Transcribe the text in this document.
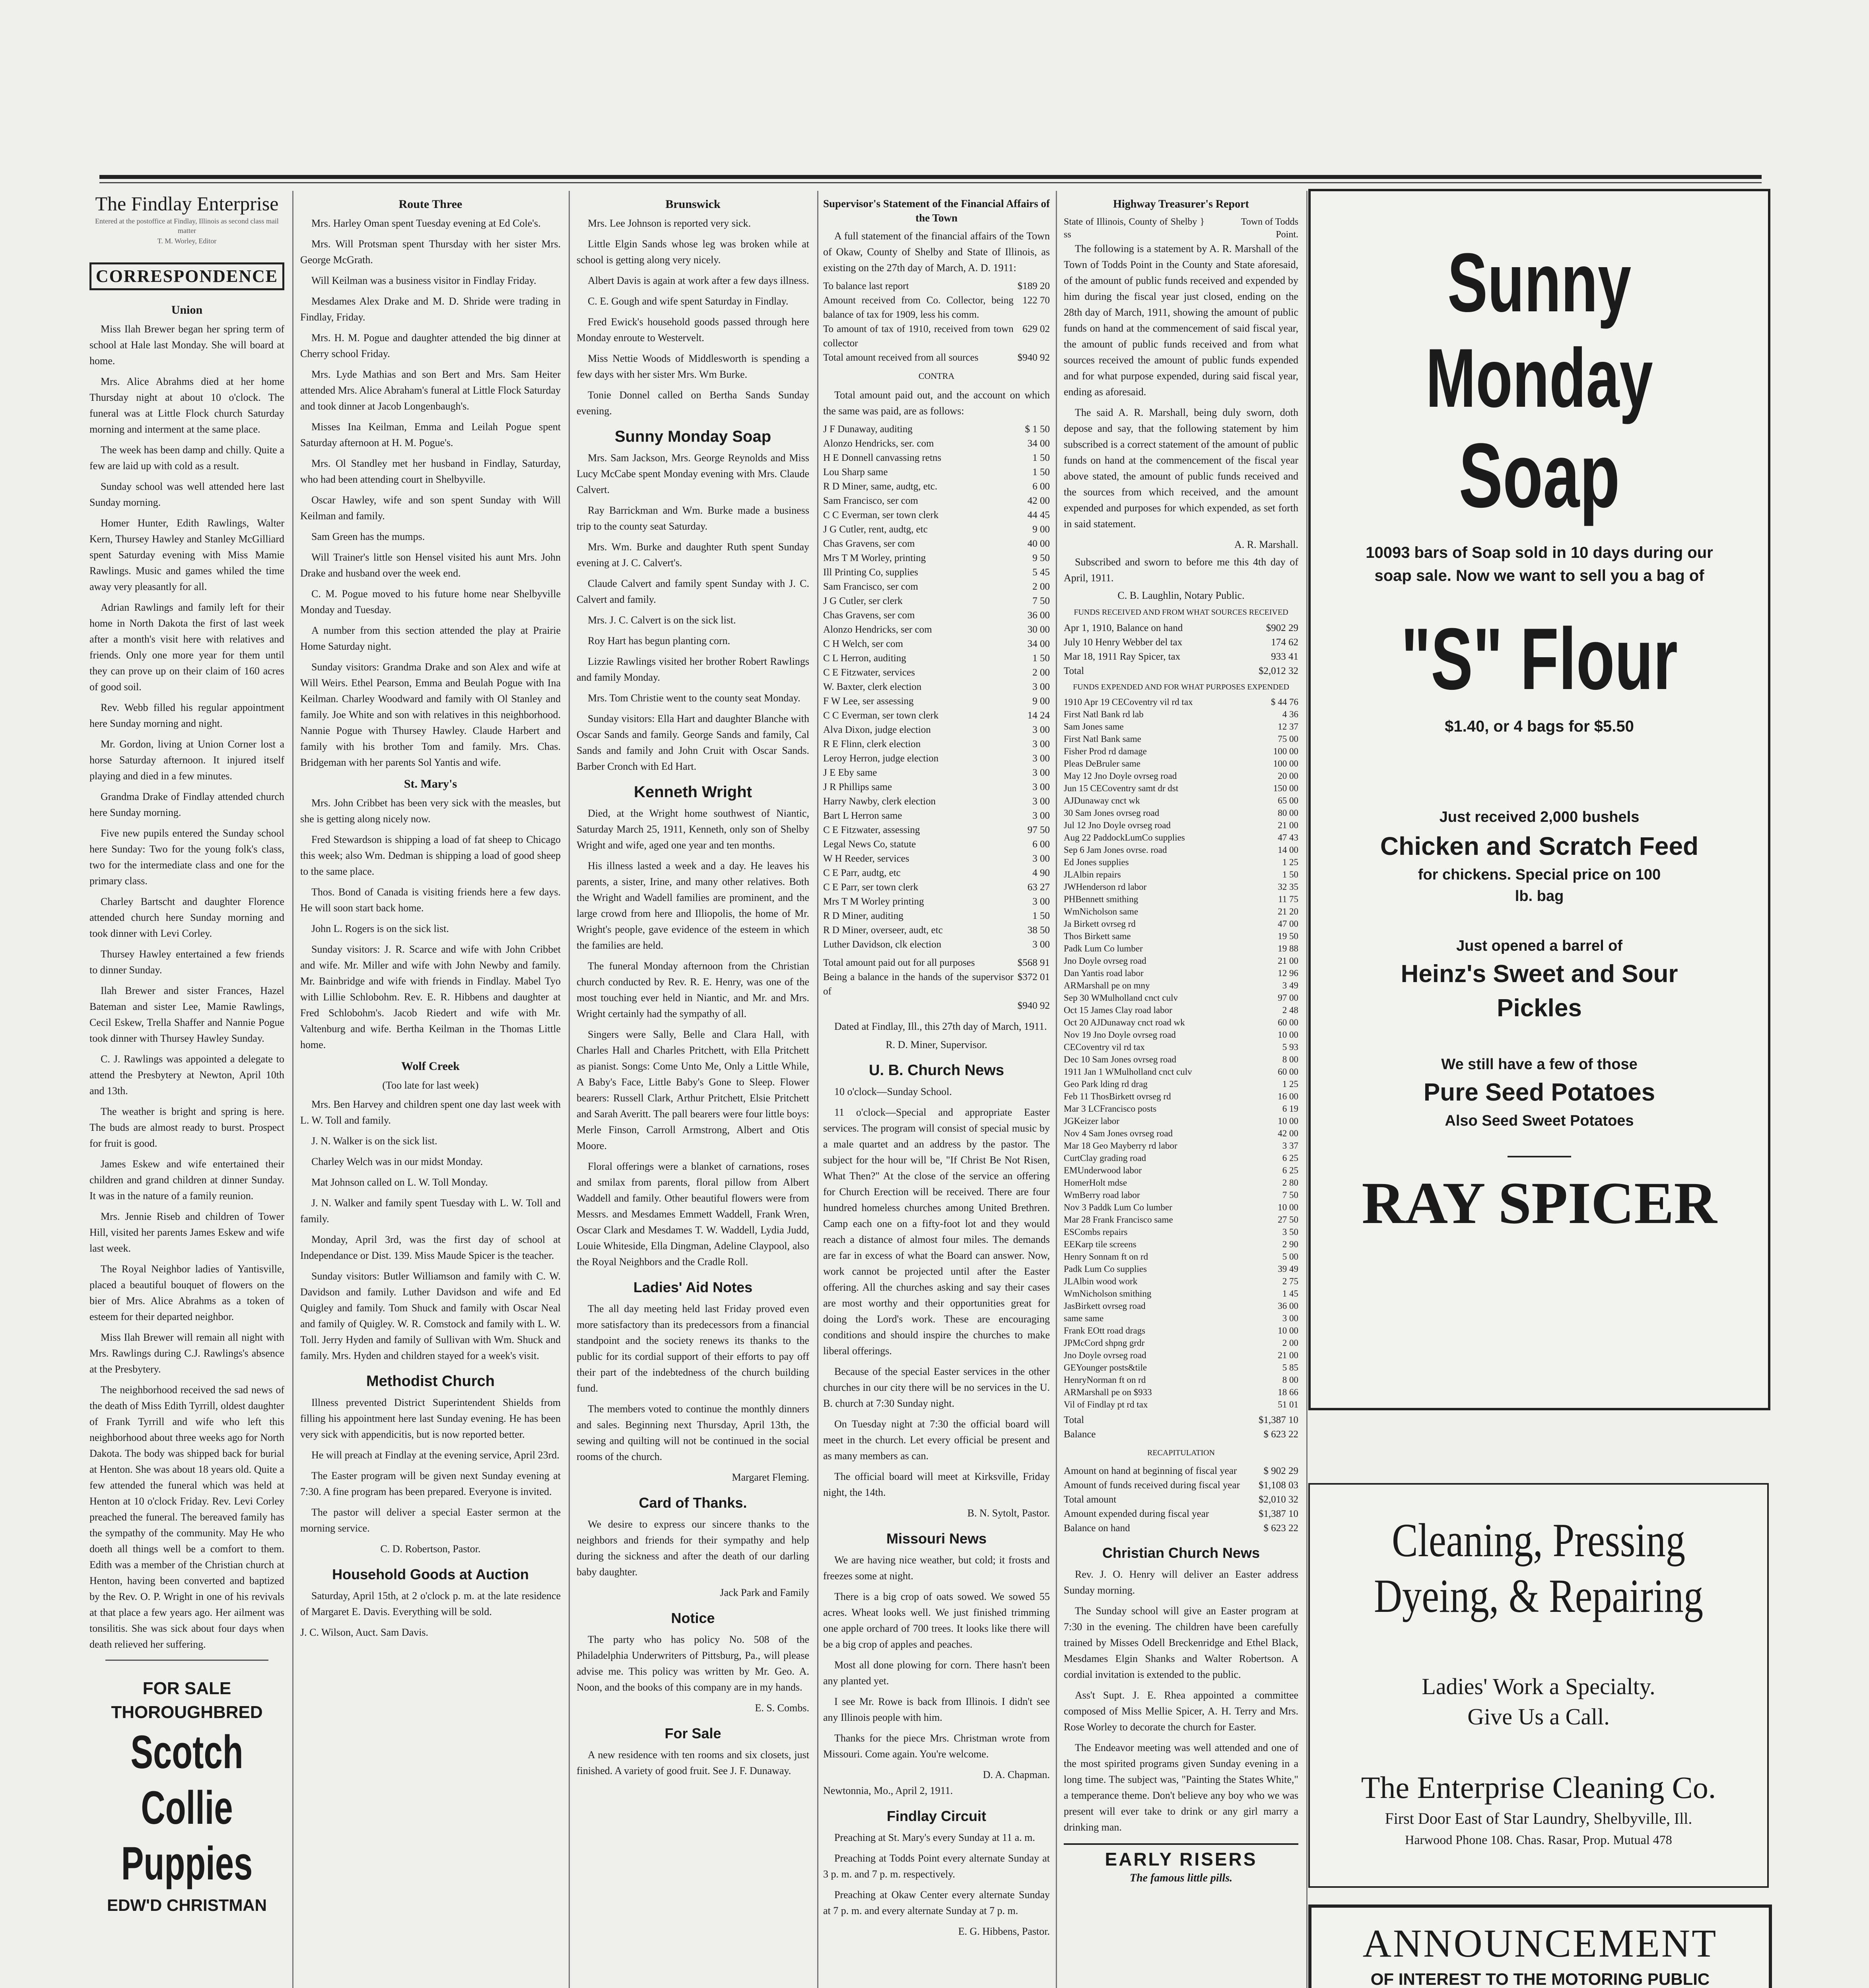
The Findlay Enterprise
Entered at the postoffice at Findlay, Illinois as second class mail matter
T. M. Worley, Editor
CORRESPONDENCE
Union

Miss Ilah Brewer began her spring term of school at Hale last Monday. She will board at home.

Mrs. Alice Abrahms died at her home Thursday night at about 10 o'clock. The funeral was at Little Flock church Saturday morning and interment at the same place.

The week has been damp and chilly. Quite a few are laid up with cold as a result.

Sunday school was well attended here last Sunday morning.

Homer Hunter, Edith Rawlings, Walter Kern, Thursey Hawley and Stanley McGilliard spent Saturday evening with Miss Mamie Rawlings. Music and games whiled the time away very pleasantly for all.

Adrian Rawlings and family left for their home in North Dakota the first of last week after a month's visit here with relatives and friends. Only one more year for them until they can prove up on their claim of 160 acres of good soil.

Rev. Webb filled his regular appointment here Sunday morning and night.

Mr. Gordon, living at Union Corner lost a horse Saturday afternoon. It injured itself playing and died in a few minutes.

Grandma Drake of Findlay attended church here Sunday morning.

Five new pupils entered the Sunday school here Sunday: Two for the young folk's class, two for the intermediate class and one for the primary class.

Charley Bartscht and daughter Florence attended church here Sunday morning and took dinner with Levi Corley.

Thursey Hawley entertained a few friends to dinner Sunday.

Ilah Brewer and sister Frances, Hazel Bateman and sister Lee, Mamie Rawlings, Cecil Eskew, Trella Shaffer and Nannie Pogue took dinner with Thursey Hawley Sunday.

C. J. Rawlings was appointed a delegate to attend the Presbytery at Newton, April 10th and 13th.

The weather is bright and spring is here. The buds are almost ready to burst. Prospect for fruit is good.

James Eskew and wife entertained their children and grand children at dinner Sunday. It was in the nature of a family reunion.

Mrs. Jennie Riseb and children of Tower Hill, visited her parents James Eskew and wife last week.

The Royal Neighbor ladies of Yantisville, placed a beautiful bouquet of flowers on the bier of Mrs. Alice Abrahms as a token of esteem for their departed neighbor.

Miss Ilah Brewer will remain all night with Mrs. Rawlings during C.J. Rawlings's absence at the Presbytery.

The neighborhood received the sad news of the death of Miss Edith Tyrrill, oldest daughter of Frank Tyrrill and wife who left this neighborhood about three weeks ago for North Dakota. The body was shipped back for burial at Henton. She was about 18 years old. Quite a few attended the funeral which was held at Henton at 10 o'clock Friday. Rev. Levi Corley preached the funeral. The bereaved family has the sympathy of the community. May He who doeth all things well be a comfort to them. Edith was a member of the Christian church at Henton, having been converted and baptized by the Rev. O. P. Wright in one of his revivals at that place a few years ago. Her ailment was tonsilitis. She was sick about four days when death relieved her suffering.

FOR SALE
THOROUGHBRED
Scotch Collie
Puppies
EDW'D CHRISTMAN
Route Three

Mrs. Harley Oman spent Tuesday evening at Ed Cole's.

Mrs. Will Protsman spent Thursday with her sister Mrs. George McGrath.

Will Keilman was a business visitor in Findlay Friday.

Mesdames Alex Drake and M. D. Shride were trading in Findlay, Friday.

Mrs. H. M. Pogue and daughter attended the big dinner at Cherry school Friday.

Mrs. Lyde Mathias and son Bert and Mrs. Sam Heiter attended Mrs. Alice Abraham's funeral at Little Flock Saturday and took dinner at Jacob Longenbaugh's.

Misses Ina Keilman, Emma and Leilah Pogue spent Saturday afternoon at H. M. Pogue's.

Mrs. Ol Standley met her husband in Findlay, Saturday, who had been attending court in Shelbyville.

Oscar Hawley, wife and son spent Sunday with Will Keilman and family.

Sam Green has the mumps.

Will Trainer's little son Hensel visited his aunt Mrs. John Drake and husband over the week end.

C. M. Pogue moved to his future home near Shelbyville Monday and Tuesday.

A number from this section attended the play at Prairie Home Saturday night.

Sunday visitors: Grandma Drake and son Alex and wife at Will Weirs. Ethel Pearson, Emma and Beulah Pogue with Ina Keilman. Charley Woodward and family with Ol Stanley and family. Joe White and son with relatives in this neighborhood. Nannie Pogue with Thursey Hawley. Claude Harbert and family with his brother Tom and family. Mrs. Chas. Bridgeman with her parents Sol Yantis and wife.

St. Mary's

Mrs. John Cribbet has been very sick with the measles, but she is getting along nicely now.

Fred Stewardson is shipping a load of fat sheep to Chicago this week; also Wm. Dedman is shipping a load of good sheep to the same place.

Thos. Bond of Canada is visiting friends here a few days. He will soon start back home.

John L. Rogers is on the sick list.

Sunday visitors: J. R. Scarce and wife with John Cribbet and wife. Mr. Miller and wife with John Newby and family. Mr. Bainbridge and wife with friends in Findlay. Mabel Tyo with Lillie Schlobohm. Rev. E. R. Hibbens and daughter at Fred Schlobohm's. Jacob Riedert and wife with Mr. Valtenburg and wife. Bertha Keilman in the Thomas Little home.

Wolf Creek
(Too late for last week)

Mrs. Ben Harvey and children spent one day last week with L. W. Toll and family.

J. N. Walker is on the sick list.

Charley Welch was in our midst Monday.

Mat Johnson called on L. W. Toll Monday.

J. N. Walker and family spent Tuesday with L. W. Toll and family.

Monday, April 3rd, was the first day of school at Independance or Dist. 139. Miss Maude Spicer is the teacher.

Sunday visitors: Butler Williamson and family with C. W. Davidson and family. Luther Davidson and wife and Ed Quigley and family. Tom Shuck and family with Oscar Neal and family of Quigley. W. R. Comstock and family with L. W. Toll. Jerry Hyden and family of Sullivan with Wm. Shuck and family. Mrs. Hyden and children stayed for a week's visit.

Methodist Church

Illness prevented District Superintendent Shields from filling his appointment here last Sunday evening. He has been very sick with appendicitis, but is now reported better.

He will preach at Findlay at the evening service, April 23rd.

The Easter program will be given next Sunday evening at 7:30. A fine program has been prepared. Everyone is invited.

The pastor will deliver a special Easter sermon at the morning service.

C. D. Robertson, Pastor.
Household Goods at Auction

Saturday, April 15th, at 2 o'clock p. m. at the late residence of Margaret E. Davis. Everything will be sold.

J. C. Wilson, Auct. Sam Davis.
Brunswick

Mrs. Lee Johnson is reported very sick.

Little Elgin Sands whose leg was broken while at school is getting along very nicely.

Albert Davis is again at work after a few days illness.

C. E. Gough and wife spent Saturday in Findlay.

Fred Ewick's household goods passed through here Monday enroute to Westervelt.

Miss Nettie Woods of Middlesworth is spending a few days with her sister Mrs. Wm Burke.

Tonie Donnel called on Bertha Sands Sunday evening.

Sunny Monday Soap

Mrs. Sam Jackson, Mrs. George Reynolds and Miss Lucy McCabe spent Monday evening with Mrs. Claude Calvert.

Ray Barrickman and Wm. Burke made a business trip to the county seat Saturday.

Mrs. Wm. Burke and daughter Ruth spent Sunday evening at J. C. Calvert's.

Claude Calvert and family spent Sunday with J. C. Calvert and family.

Mrs. J. C. Calvert is on the sick list.

Roy Hart has begun planting corn.

Lizzie Rawlings visited her brother Robert Rawlings and family Monday.

Mrs. Tom Christie went to the county seat Monday.

Sunday visitors: Ella Hart and daughter Blanche with Oscar Sands and family. George Sands and family, Cal Sands and family and John Cruit with Oscar Sands. Barber Cronch with Ed Hart.

Kenneth Wright

Died, at the Wright home southwest of Niantic, Saturday March 25, 1911, Kenneth, only son of Shelby Wright and wife, aged one year and ten months.

His illness lasted a week and a day. He leaves his parents, a sister, Irine, and many other relatives. Both the Wright and Wadell families are prominent, and the large crowd from here and Illiopolis, the home of Mr. Wright's people, gave evidence of the esteem in which the families are held.

The funeral Monday afternoon from the Christian church conducted by Rev. R. E. Henry, was one of the most touching ever held in Niantic, and Mr. and Mrs. Wright certainly had the sympathy of all.

Singers were Sally, Belle and Clara Hall, with Charles Hall and Charles Pritchett, with Ella Pritchett as pianist. Songs: Come Unto Me, Only a Little While, A Baby's Face, Little Baby's Gone to Sleep. Flower bearers: Russell Clark, Arthur Pritchett, Elsie Pritchett and Sarah Averitt. The pall bearers were four little boys: Merle Finson, Carroll Armstrong, Albert and Otis Moore.

Floral offerings were a blanket of carnations, roses and smilax from parents, floral pillow from Albert Waddell and family. Other beautiful flowers were from Messrs. and Mesdames Emmett Waddell, Frank Wren, Oscar Clark and Mesdames T. W. Waddell, Lydia Judd, Louie Whiteside, Ella Dingman, Adeline Claypool, also the Royal Neighbors and the Cradle Roll.

Ladies' Aid Notes

The all day meeting held last Friday proved even more satisfactory than its predecessors from a financial standpoint and the society renews its thanks to the public for its cordial support of their efforts to pay off their part of the indebtedness of the church building fund.

The members voted to continue the monthly dinners and sales. Beginning next Thursday, April 13th, the sewing and quilting will not be continued in the social rooms of the church.

Margaret Fleming.
Card of Thanks.

We desire to express our sincere thanks to the neighbors and friends for their sympathy and help during the sickness and after the death of our darling baby daughter.

Jack Park and Family
Notice

The party who has policy No. 508 of the Philadelphia Underwriters of Pittsburg, Pa., will please advise me. This policy was written by Mr. Geo. A. Noon, and the books of this company are in my hands.

E. S. Combs.
For Sale

A new residence with ten rooms and six closets, just finished. A variety of good fruit. See J. F. Dunaway.

Supervisor's Statement of the Financial Affairs of the Town

A full statement of the financial affairs of the Town of Okaw, County of Shelby and State of Illinois, as existing on the 27th day of March, A. D. 1911:

To balance last report	$189 20
Amount received from Co. Collector, being balance of tax for 1909, less his comm.	122 70
To amount of tax of 1910, received from town collector	629 02
Total amount received from all sources	$940 92
CONTRA

Total amount paid out, and the account on which the same was paid, are as follows:

J F Dunaway, auditing	$ 1 50
Alonzo Hendricks, ser. com	34 00
H E Donnell canvassing retns	1 50
Lou Sharp same	1 50
R D Miner, same, audtg, etc.	6 00
Sam Francisco, ser com	42 00
C C Everman, ser town clerk	44 45
J G Cutler, rent, audtg, etc	9 00
Chas Gravens, ser com	40 00
Mrs T M Worley, printing	9 50
Ill Printing Co, supplies	5 45
Sam Francisco, ser com	2 00
J G Cutler, ser clerk	7 50
Chas Gravens, ser com	36 00
Alonzo Hendricks, ser com	30 00
C H Welch, ser com	34 00
C L Herron, auditing	1 50
C E Fitzwater, services	2 00
W. Baxter, clerk election	3 00
F W Lee, ser assessing	9 00
C C Everman, ser town clerk	14 24
Alva Dixon, judge election	3 00
R E Flinn, clerk election	3 00
Leroy Herron, judge election	3 00
J E Eby same	3 00
J R Phillips same	3 00
Harry Nawby, clerk election	3 00
Bart L Herron same	3 00
C E Fitzwater, assessing	97 50
Legal News Co, statute	6 00
W H Reeder, services	3 00
C E Parr, audtg, etc	4 90
C E Parr, ser town clerk	63 27
Mrs T M Worley printing	3 00
R D Miner, auditing	1 50
R D Miner, overseer, audt, etc	38 50
Luther Davidson, clk election	3 00
Total amount paid out for all purposes	$568 91
Being a balance in the hands of the supervisor of	$372 01
	$940 92

Dated at Findlay, Ill., this 27th day of March, 1911.

R. D. Miner, Supervisor.
U. B. Church News

10 o'clock—Sunday School.

11 o'clock—Special and appropriate Easter services. The program will consist of special music by a male quartet and an address by the pastor. The subject for the hour will be, "If Christ Be Not Risen, What Then?" At the close of the service an offering for Church Erection will be received. There are four hundred homeless churches among United Brethren. Camp each one on a fifty-foot lot and they would reach a distance of almost four miles. The demands are far in excess of what the Board can answer. Now, work cannot be projected until after the Easter offering. All the churches asking and say their cases are most worthy and their opportunities great for doing the Lord's work. These are encouraging conditions and should inspire the churches to make liberal offerings.

Because of the special Easter services in the other churches in our city there will be no services in the U. B. church at 7:30 Sunday night.

On Tuesday night at 7:30 the official board will meet in the church. Let every official be present and as many members as can.

The official board will meet at Kirksville, Friday night, the 14th.

B. N. Sytolt, Pastor.
Missouri News

We are having nice weather, but cold; it frosts and freezes some at night.

There is a big crop of oats sowed. We sowed 55 acres. Wheat looks well. We just finished trimming one apple orchard of 700 trees. It looks like there will be a big crop of apples and peaches.

Most all done plowing for corn. There hasn't been any planted yet.

I see Mr. Rowe is back from Illinois. I didn't see any Illinois people with him.

Thanks for the piece Mrs. Christman wrote from Missouri. Come again. You're welcome.

D. A. Chapman.
Newtonnia, Mo., April 2, 1911.
Findlay Circuit

Preaching at St. Mary's every Sunday at 11 a. m.

Preaching at Todds Point every alternate Sunday at 3 p. m. and 7 p. m. respectively.

Preaching at Okaw Center every alternate Sunday at 7 p. m. and every alternate Sunday at 7 p. m.

E. G. Hibbens, Pastor.
Highway Treasurer's Report
State of Illinois, County of Shelby } ss
Town of Todds Point.

The following is a statement by A. R. Marshall of the Town of Todds Point in the County and State aforesaid, of the amount of public funds received and expended by him during the fiscal year just closed, ending on the 28th day of March, 1911, showing the amount of public funds on hand at the commencement of said fiscal year, the amount of public funds received and from what sources received the amount of public funds expended and for what purpose expended, during said fiscal year, ending as aforesaid.

The said A. R. Marshall, being duly sworn, doth depose and say, that the following statement by him subscribed is a correct statement of the amount of public funds on hand at the commencement of the fiscal year above stated, the amount of public funds received and the sources from which received, and the amount expended and purposes for which expended, as set forth in said statement.

A. R. Marshall.

Subscribed and sworn to before me this 4th day of April, 1911.

C. B. Laughlin, Notary Public.
FUNDS RECEIVED AND FROM WHAT SOURCES RECEIVED
Apr 1, 1910, Balance on hand	$902 29
July 10 Henry Webber del tax	174 62
Mar 18, 1911 Ray Spicer, tax	933 41
Total	$2,012 32
FUNDS EXPENDED AND FOR WHAT PURPOSES EXPENDED
1910 Apr 19 CECoventry vil rd tax	$ 44 76
First Natl Bank rd lab	4 36
Sam Jones same	12 37
First Natl Bank same	75 00
Fisher Prod rd damage	100 00
Pleas DeBruler same	100 00
May 12 Jno Doyle ovrseg road	20 00
Jun 15 CECoventry samt dr dst	150 00
AJDunaway cnct wk	65 00
30 Sam Jones ovrseg road	80 00
Jul 12 Jno Doyle ovrseg road	21 00
Aug 22 PaddockLumCo supplies	47 43
Sep 6 Jam Jones ovrse. road	14 00
Ed Jones supplies	1 25
JLAlbin repairs	1 50
JWHenderson rd labor	32 35
PHBennett smithing	11 75
WmNicholson same	21 20
Ja Birkett ovrseg rd	47 00
Thos Birkett same	19 50
Padk Lum Co lumber	19 88
Jno Doyle ovrseg road	21 00
Dan Yantis road labor	12 96
ARMarshall pe on mny	3 49
Sep 30 WMulholland cnct culv	97 00
Oct 15 James Clay road labor	2 48
Oct 20 AJDunaway cnct road wk	60 00
Nov 19 Jno Doyle ovrseg road	10 00
CECoventry vil rd tax	5 93
Dec 10 Sam Jones ovrseg road	8 00
1911 Jan 1 WMulholland cnct culv	60 00
Geo Park lding rd drag	1 25
Feb 11 ThosBirkett ovrseg rd	16 00
Mar 3 LCFrancisco posts	6 19
JGKeizer labor	10 00
Nov 4 Sam Jones ovrseg road	42 00
Mar 18 Geo Mayberry rd labor	3 37
CurtClay grading road	6 25
EMUnderwood labor	6 25
HomerHolt mdse	2 80
WmBerry road labor	7 50
Nov 3 Paddk Lum Co lumber	10 00
Mar 28 Frank Francisco same	27 50
ESCombs repairs	3 50
EEKarp tile screens	2 90
Henry Sonnam ft on rd	5 00
Padk Lum Co supplies	39 49
JLAlbin wood work	2 75
WmNicholson smithing	1 45
JasBirkett ovrseg road	36 00
same same	3 00
Frank EOtt road drags	10 00
JPMcCord shpng grdr	2 00
Jno Doyle ovrseg road	21 00
GEYounger posts&tile	5 85
HenryNorman ft on rd	8 00
ARMarshall pe on $933	18 66
Vil of Findlay pt rd tax	51 01
Total	$1,387 10
Balance	$ 623 22
RECAPITULATION
Amount on hand at beginning of fiscal year	$ 902 29
Amount of funds received during fiscal year	$1,108 03
Total amount	$2,010 32
Amount expended during fiscal year	$1,387 10
Balance on hand	$ 623 22
Christian Church News

Rev. J. O. Henry will deliver an Easter address Sunday morning.

The Sunday school will give an Easter program at 7:30 in the evening. The children have been carefully trained by Misses Odell Breckenridge and Ethel Black, Mesdames Elgin Shanks and Walter Robertson. A cordial invitation is extended to the public.

Ass't Supt. J. E. Rhea appointed a committee composed of Miss Mellie Spicer, A. H. Terry and Mrs. Rose Worley to decorate the church for Easter.

The Endeavor meeting was well attended and one of the most spirited programs given Sunday evening in a long time. The subject was, "Painting the States White," a temperance theme. Don't believe any boy who we was present will ever take to drink or any girl marry a drinking man.

EARLY RISERS
The famous little pills.
Sunny Monday
Soap
10093 bars of Soap sold in 10 days during our soap sale. Now we want to sell you a bag of
"S" Flour
$1.40, or 4 bags for $5.50
Just received 2,000 bushels
Chicken and Scratch Feed
for chickens. Special price on 100 lb. bag
Just opened a barrel of
Heinz's Sweet and Sour Pickles
We still have a few of those
Pure Seed Potatoes
Also Seed Sweet Potatoes
RAY SPICER
Cleaning, Pressing
Dyeing, & Repairing
Ladies' Work a Specialty.
Give Us a Call.
The Enterprise Cleaning Co.
First Door East of Star Laundry, Shelbyville, Ill.
Harwood Phone 108. Chas. Rasar, Prop. Mutual 478
ANNOUNCEMENT
OF INTEREST TO THE MOTORING PUBLIC
